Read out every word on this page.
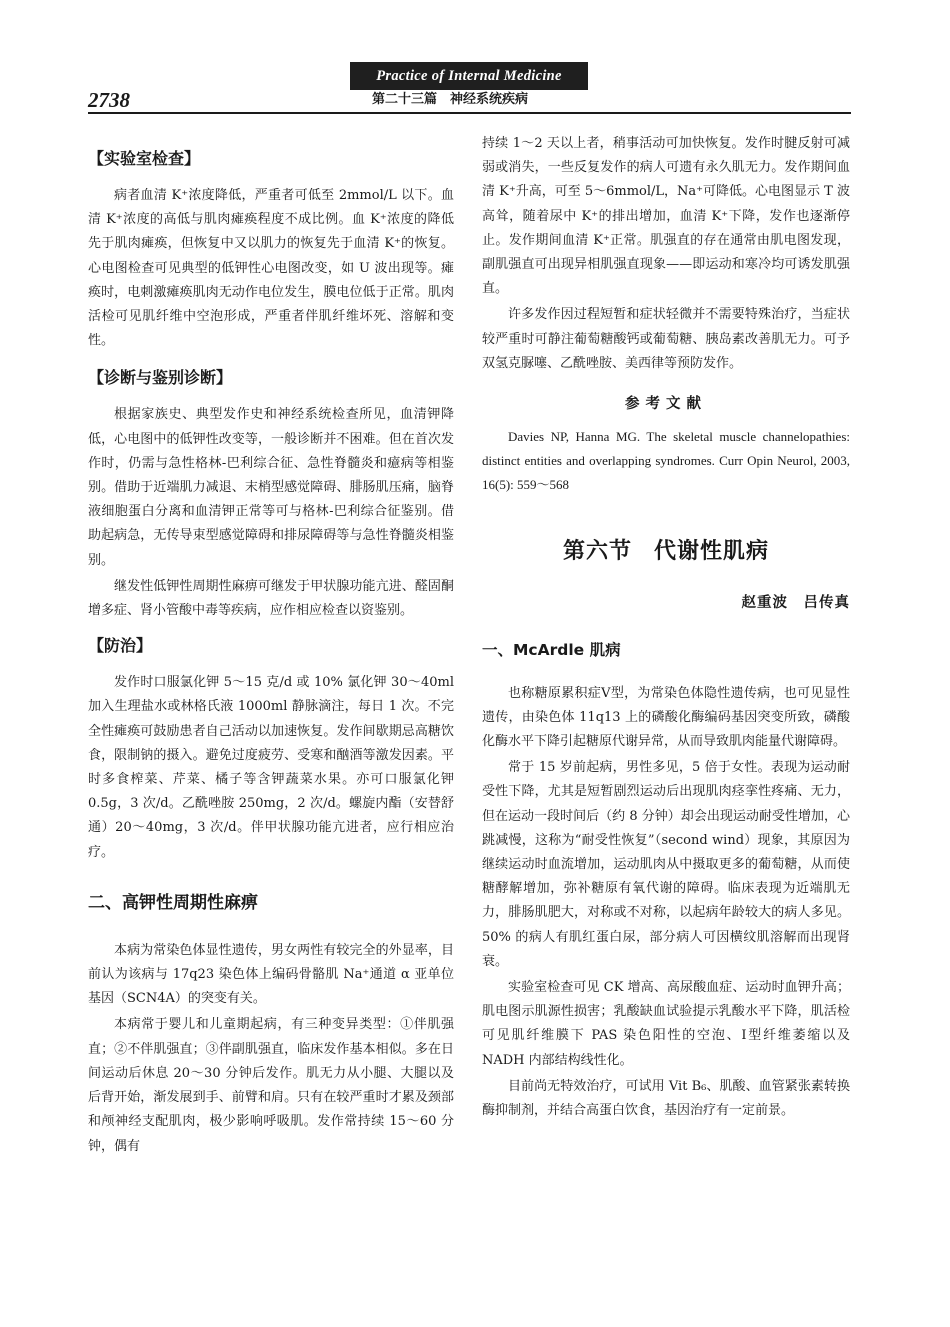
Practice of Internal Medicine
2738	第二十三篇　神经系统疾病
【实验室检查】

病者血清 K⁺浓度降低，严重者可低至 2mmol/L 以下。血清 K⁺浓度的高低与肌肉瘫痪程度不成比例。血 K⁺浓度的降低先于肌肉瘫痪，但恢复中又以肌力的恢复先于血清 K⁺的恢复。心电图检查可见典型的低钾性心电图改变，如 U 波出现等。瘫痪时，电刺激瘫痪肌肉无动作电位发生，膜电位低于正常。肌肉活检可见肌纤维中空泡形成，严重者伴肌纤维坏死、溶解和变性。

【诊断与鉴别诊断】

根据家族史、典型发作史和神经系统检查所见，血清钾降低，心电图中的低钾性改变等，一般诊断并不困难。但在首次发作时，仍需与急性格林-巴利综合征、急性脊髓炎和癔病等相鉴别。借助于近端肌力减退、末梢型感觉障碍、腓肠肌压痛，脑脊液细胞蛋白分离和血清钾正常等可与格林-巴利综合征鉴别。借助起病急，无传导束型感觉障碍和排尿障碍等与急性脊髓炎相鉴别。

继发性低钾性周期性麻痹可继发于甲状腺功能亢进、醛固酮增多症、肾小管酸中毒等疾病，应作相应检查以资鉴别。

【防治】

发作时口服氯化钾 5～15 克/d 或 10% 氯化钾 30～40ml 加入生理盐水或林格氏液 1000ml 静脉滴注，每日 1 次。不完全性瘫痪可鼓励患者自己活动以加速恢复。发作间歇期忌高糖饮食，限制钠的摄入。避免过度疲劳、受寒和酗酒等激发因素。平时多食榨菜、芹菜、橘子等含钾蔬菜水果。亦可口服氯化钾 0.5g，3 次/d。乙酰唑胺 250mg，2 次/d。螺旋内酯（安替舒通）20～40mg，3 次/d。伴甲状腺功能亢进者，应行相应治疗。

二、高钾性周期性麻痹

本病为常染色体显性遗传，男女两性有较完全的外显率，目前认为该病与 17q23 染色体上编码骨骼肌 Na⁺通道 α 亚单位基因（SCN4A）的突变有关。

本病常于婴儿和儿童期起病，有三种变异类型：①伴肌强直；②不伴肌强直；③伴副肌强直，临床发作基本相似。多在日间运动后休息 20～30 分钟后发作。肌无力从小腿、大腿以及后背开始，渐发展到手、前臂和肩。只有在较严重时才累及颈部和颅神经支配肌肉，极少影响呼吸肌。发作常持续 15～60 分钟，偶有

持续 1～2 天以上者，稍事活动可加快恢复。发作时腱反射可减弱或消失，一些反复发作的病人可遗有永久肌无力。发作期间血清 K⁺升高，可至 5～6mmol/L，Na⁺可降低。心电图显示 T 波高耸，随着尿中 K⁺的排出增加，血清 K⁺下降，发作也逐渐停止。发作期间血清 K⁺正常。肌强直的存在通常由肌电图发现，副肌强直可出现异相肌强直现象——即运动和寒冷均可诱发肌强直。

许多发作因过程短暂和症状轻微并不需要特殊治疗，当症状较严重时可静注葡萄糖酸钙或葡萄糖、胰岛素改善肌无力。可予双氢克脲噻、乙酰唑胺、美西律等预防发作。

参考文献

Davies NP, Hanna MG. The skeletal muscle channelopathies: distinct entities and overlapping syndromes. Curr Opin Neurol, 2003, 16(5): 559～568

第六节 代谢性肌病
赵重波　吕传真
一、McArdle 肌病

也称糖原累积症Ⅴ型，为常染色体隐性遗传病，也可见显性遗传，由染色体 11q13 上的磷酸化酶编码基因突变所致，磷酸化酶水平下降引起糖原代谢异常，从而导致肌肉能量代谢障碍。

常于 15 岁前起病，男性多见，5 倍于女性。表现为运动耐受性下降，尤其是短暂剧烈运动后出现肌肉痉挛性疼痛、无力，但在运动一段时间后（约 8 分钟）却会出现运动耐受性增加，心跳减慢，这称为“耐受性恢复”（second wind）现象，其原因为继续运动时血流增加，运动肌肉从中摄取更多的葡萄糖，从而使糖酵解增加，弥补糖原有氧代谢的障碍。临床表现为近端肌无力，腓肠肌肥大，对称或不对称，以起病年龄较大的病人多见。50% 的病人有肌红蛋白尿，部分病人可因横纹肌溶解而出现肾衰。

实验室检查可见 CK 增高、高尿酸血症、运动时血钾升高；肌电图示肌源性损害；乳酸缺血试验提示乳酸水平下降，肌活检可见肌纤维膜下 PAS 染色阳性的空泡、Ⅰ型纤维萎缩以及 NADH 内部结构线性化。

目前尚无特效治疗，可试用 Vit B₆、肌酸、血管紧张素转换酶抑制剂，并结合高蛋白饮食，基因治疗有一定前景。
